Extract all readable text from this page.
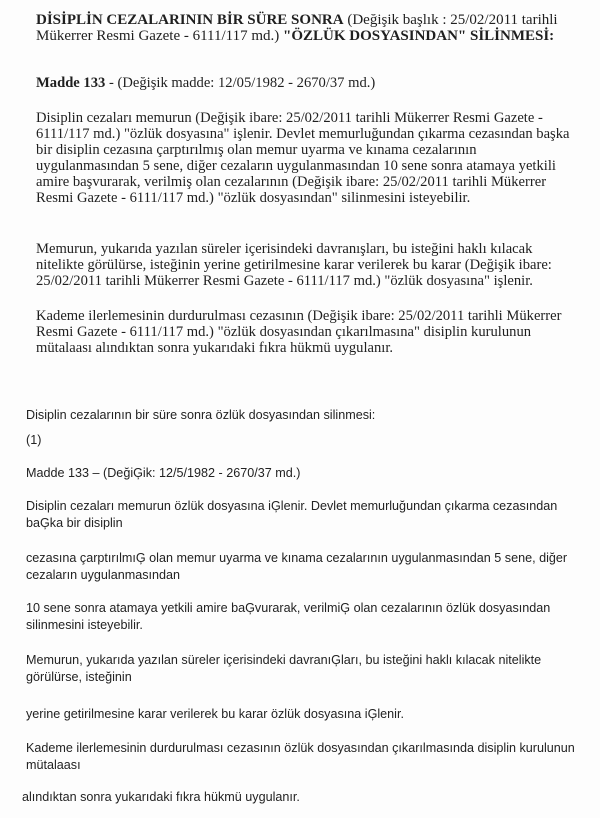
DİSİPLİN CEZALARININ BİR SÜRE SONRA (Değişik başlık : 25/02/2011 tarihli Mükerrer Resmi Gazete - 6111/117 md.) "ÖZLÜK DOSYASINDAN" SİLİNMESİ:
Madde 133 - (Değişik madde: 12/05/1982 - 2670/37 md.)
Disiplin cezaları memurun (Değişik ibare: 25/02/2011 tarihli Mükerrer Resmi Gazete - 6111/117 md.) "özlük dosyasına" işlenir. Devlet memurluğundan çıkarma cezasından başka bir disiplin cezasına çarptırılmış olan memur uyarma ve kınama cezalarının uygulanmasından 5 sene, diğer cezaların uygulanmasından 10 sene sonra atamaya yetkili amire başvurarak, verilmiş olan cezalarının (Değişik ibare: 25/02/2011 tarihli Mükerrer Resmi Gazete - 6111/117 md.) "özlük dosyasından" silinmesini isteyebilir.
Memurun, yukarıda yazılan süreler içerisindeki davranışları, bu isteğini haklı kılacak nitelikte görülürse, isteğinin yerine getirilmesine karar verilerek bu karar (Değişik ibare: 25/02/2011 tarihli Mükerrer Resmi Gazete - 6111/117 md.) "özlük dosyasına" işlenir.
Kademe ilerlemesinin durdurulması cezasının (Değişik ibare: 25/02/2011 tarihli Mükerrer Resmi Gazete - 6111/117 md.) "özlük dosyasından çıkarılmasına" disiplin kurulunun mütalaası alındıktan sonra yukarıdaki fıkra hükmü uygulanır.
Disiplin cezalarının bir süre sonra özlük dosyasından silinmesi:
(1)
Madde 133 – (DeğiĢik: 12/5/1982 - 2670/37 md.)
Disiplin cezaları memurun özlük dosyasına iĢlenir. Devlet memurluğundan çıkarma cezasından baĢka bir disiplin
cezasına çarptırılmıĢ olan memur uyarma ve kınama cezalarının uygulanmasından 5 sene, diğer cezaların uygulanmasından
10 sene sonra atamaya yetkili amire baĢvurarak, verilmiĢ olan cezalarının özlük dosyasından silinmesini isteyebilir.
Memurun, yukarıda yazılan süreler içerisindeki davranıĢları, bu isteğini haklı kılacak nitelikte görülürse, isteğinin
yerine getirilmesine karar verilerek bu karar özlük dosyasına iĢlenir.
Kademe ilerlemesinin durdurulması cezasının özlük dosyasından çıkarılmasında disiplin kurulunun mütalaası
alındıktan sonra yukarıdaki fıkra hükmü uygulanır.
